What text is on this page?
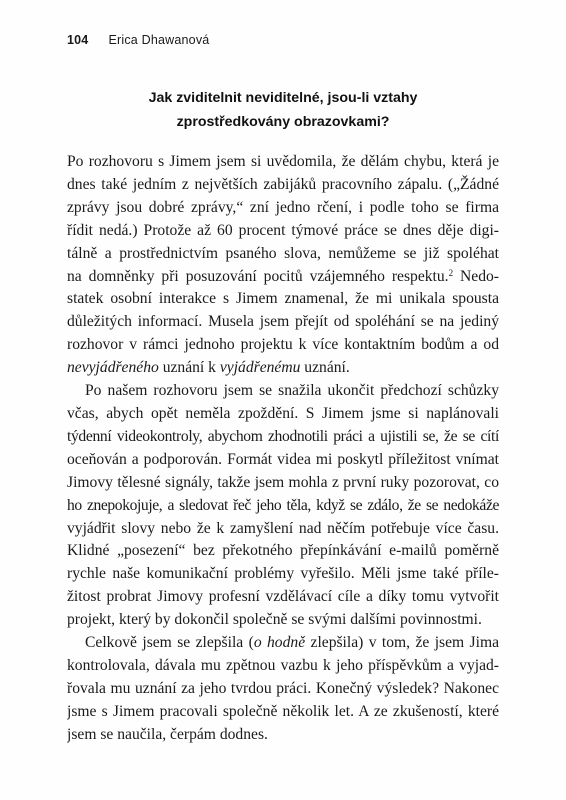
104 Erica Dhawanová
Jak zviditelnit neviditelné, jsou-li vztahy
zprostředkovány obrazovkami?
Po rozhovoru s Jimem jsem si uvědomila, že dělám chybu, která je
dnes také jedním z největších zabijáků pracovního zápalu. („Žádné
zprávy jsou dobré zprávy,“ zní jedno rčení, i podle toho se firma
řídit nedá.) Protože až 60 procent týmové práce se dnes děje digi-
tálně a prostřednictvím psaného slova, nemůžeme se již spoléhat
na domněnky při posuzování pocitů vzájemného respektu.$^2$ Nedo-
statek osobní interakce s Jimem znamenal, že mi unikala spousta
důležitých informací. Musela jsem přejít od spoléhání se na jediný
rozhovor v rámci jednoho projektu k více kontaktním bodům a od
nevyjádřeného uznání k vyjádřenému uznání.
Po našem rozhovoru jsem se snažila ukončit předchozí schůzky
včas, abych opět neměla zpoždění. S Jimem jsme si naplánovali
týdenní videokontroly, abychom zhodnotili práci a ujistili se, že se cítí
oceňován a podporován. Formát videa mi poskytl příležitost vnímat
Jimovy tělesné signály, takže jsem mohla z první ruky pozorovat, co
ho znepokojuje, a sledovat řeč jeho těla, když se zdálo, že se nedokáže
vyjádřit slovy nebo že k zamyšlení nad něčím potřebuje více času.
Klidné „posezení“ bez překotného přepínkávání e-mailů poměrně
rychle naše komunikační problémy vyřešilo. Měli jsme také příle-
žitost probrat Jimovy profesní vzdělávací cíle a díky tomu vytvořit
projekt, který by dokončil společně se svými dalšími povinnostmi.
Celkově jsem se zlepšila (o hodně zlepšila) v tom, že jsem Jima
kontrolovala, dávala mu zpětnou vazbu k jeho příspěvkům a vyjad-
řovala mu uznání za jeho tvrdou práci. Konečný výsledek? Nakonec
jsme s Jimem pracovali společně několik let. A ze zkušeností, které
jsem se naučila, čerpám dodnes.
